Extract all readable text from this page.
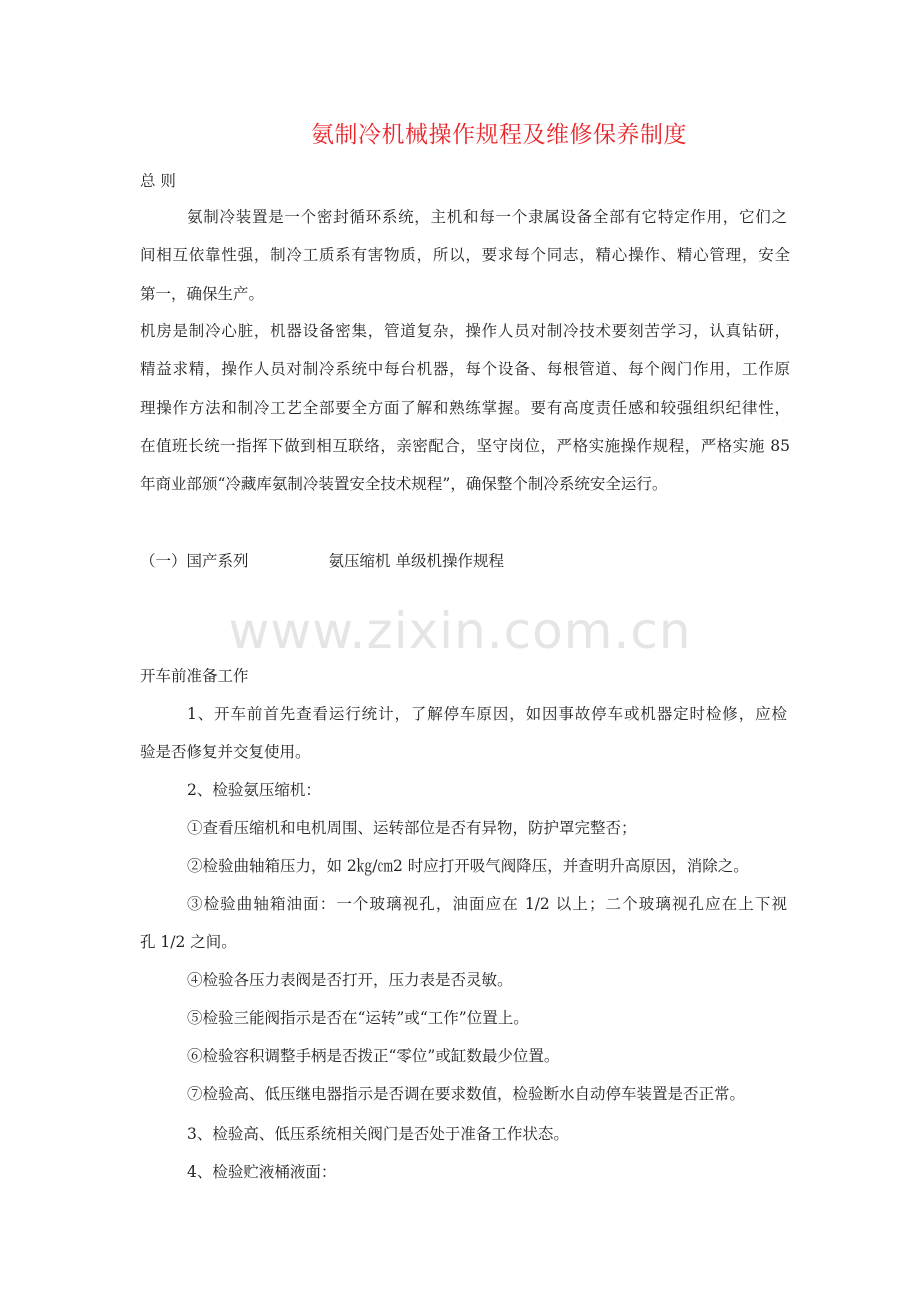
氨制冷机械操作规程及维修保养制度
总 则
氨制冷装置是一个密封循环系统，主机和每一个隶属设备全部有它特定作用，它们之
间相互依靠性强，制冷工质系有害物质，所以，要求每个同志，精心操作、精心管理，安全
第一，确保生产。
机房是制冷心脏，机器设备密集，管道复杂，操作人员对制冷技术要刻苦学习，认真钻研，
精益求精，操作人员对制冷系统中每台机器，每个设备、每根管道、每个阀门作用，工作原
理操作方法和制冷工艺全部要全方面了解和熟练掌握。要有高度责任感和较强组织纪律性，
在值班长统一指挥下做到相互联络，亲密配合，坚守岗位，严格实施操作规程，严格实施 85
年商业部颁“冷藏库氨制冷装置安全技术规程”，确保整个制冷系统安全运行。
（一）国产系列	氨压缩机 单级机操作规程
www.zixin.com.cn
开车前准备工作
1、开车前首先查看运行统计，了解停车原因，如因事故停车或机器定时检修，应检
验是否修复并交复使用。
2、检验氨压缩机：
①查看压缩机和电机周围、运转部位是否有异物，防护罩完整否；
②检验曲轴箱压力，如 2㎏/㎝2 时应打开吸气阀降压，并查明升高原因，消除之。
③检验曲轴箱油面：一个玻璃视孔，油面应在 1/2 以上；二个玻璃视孔应在上下视
孔 1/2 之间。
④检验各压力表阀是否打开，压力表是否灵敏。
⑤检验三能阀指示是否在“运转”或“工作”位置上。
⑥检验容积调整手柄是否拨正“零位”或缸数最少位置。
⑦检验高、低压继电器指示是否调在要求数值，检验断水自动停车装置是否正常。
3、检验高、低压系统相关阀门是否处于准备工作状态。
4、检验贮液桶液面：
